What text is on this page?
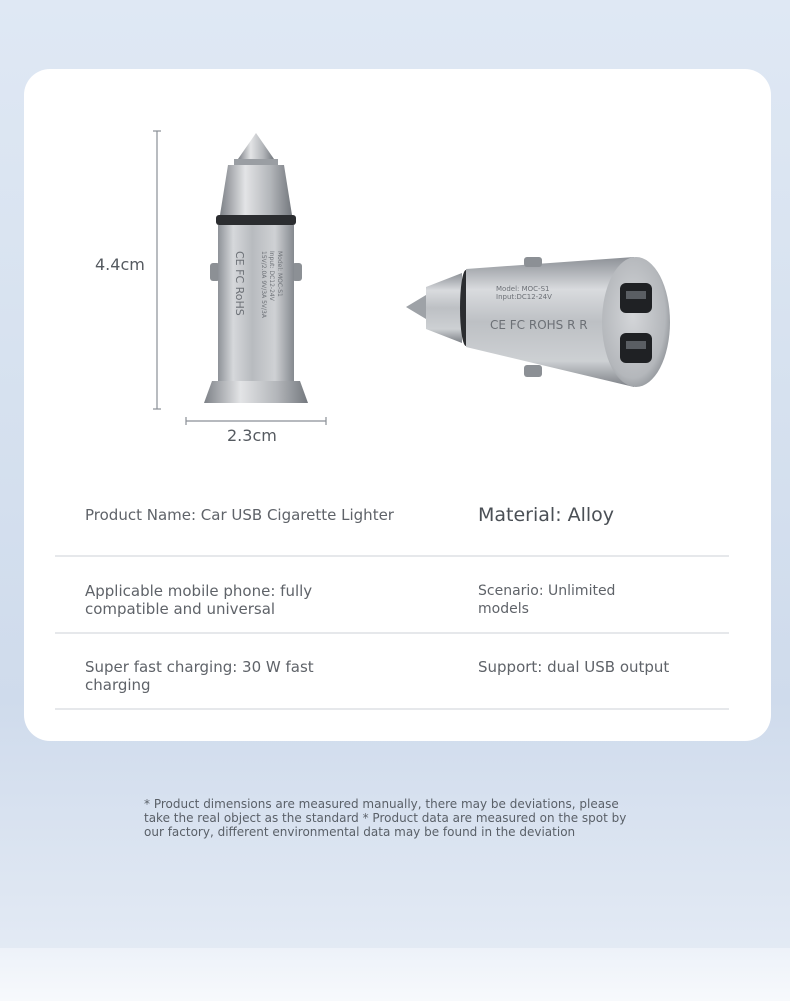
4.4cm
2.3cm
Model: MOC-S1
Input: DC12-24V
15V/2.0A 9V/3A 5V/3A
CE FC RoHS	Model: MOC-S1
Input:DC12-24V
CE FC ROHS R R
Product Name: Car USB Cigarette Lighter	Material: Alloy
Applicable mobile phone: fully compatible and universal
Scenario: Unlimited models
Super fast charging: 30 W fast charging
Support: dual USB output

* Product dimensions are measured manually, there may be deviations, please take the real object as the standard * Product data are measured on the spot by our factory, different environmental data may be found in the deviation
